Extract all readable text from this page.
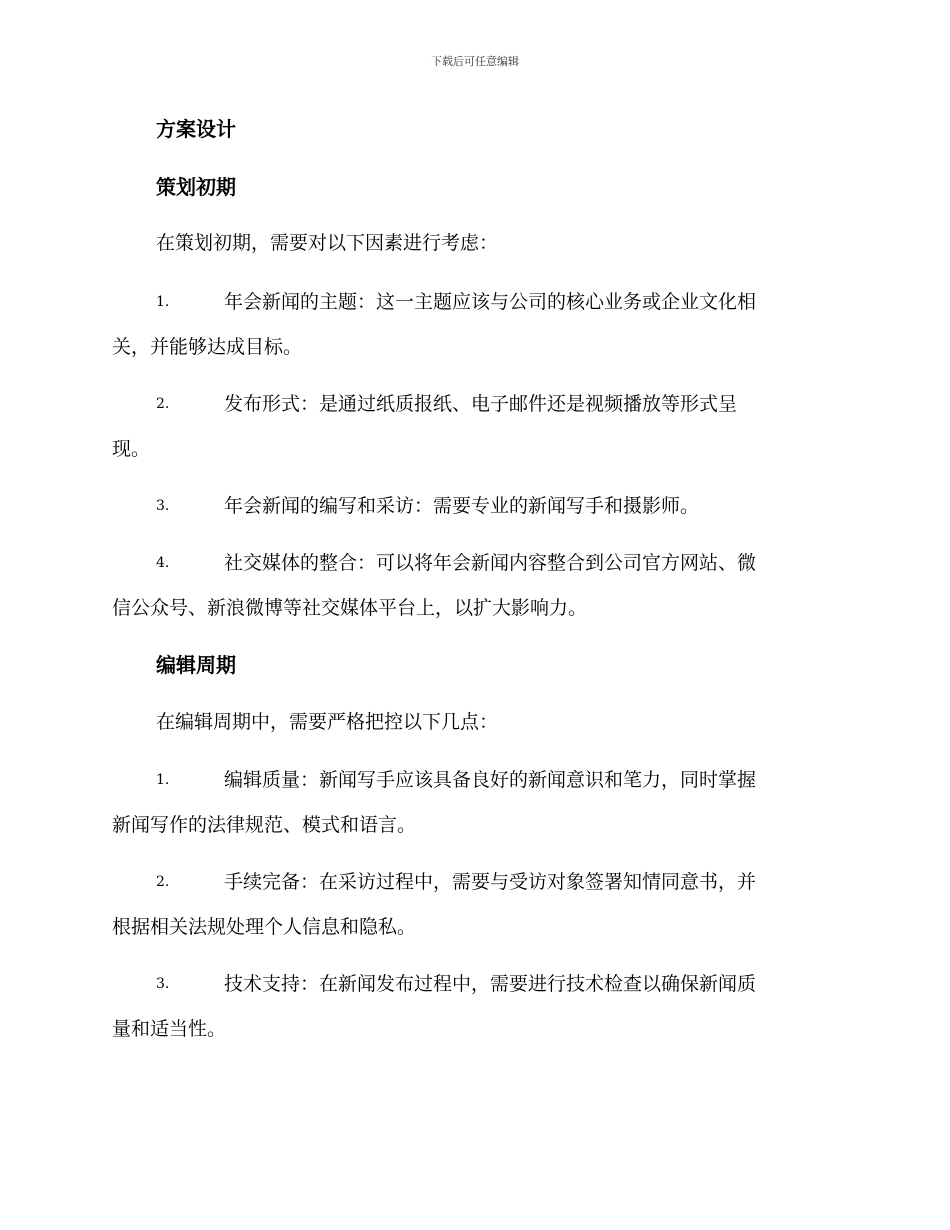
下载后可任意编辑
方案设计
策划初期
在策划初期，需要对以下因素进行考虑：
1.	年会新闻的主题：这一主题应该与公司的核心业务或企业文化相
关，并能够达成目标。
2.	发布形式：是通过纸质报纸、电子邮件还是视频播放等形式呈
现。
3.	年会新闻的编写和采访：需要专业的新闻写手和摄影师。
4.	社交媒体的整合：可以将年会新闻内容整合到公司官方网站、微
信公众号、新浪微博等社交媒体平台上，以扩大影响力。
编辑周期
在编辑周期中，需要严格把控以下几点：
1.	编辑质量：新闻写手应该具备良好的新闻意识和笔力，同时掌握
新闻写作的法律规范、模式和语言。
2.	手续完备：在采访过程中，需要与受访对象签署知情同意书，并
根据相关法规处理个人信息和隐私。
3.	技术支持：在新闻发布过程中，需要进行技术检查以确保新闻质
量和适当性。
